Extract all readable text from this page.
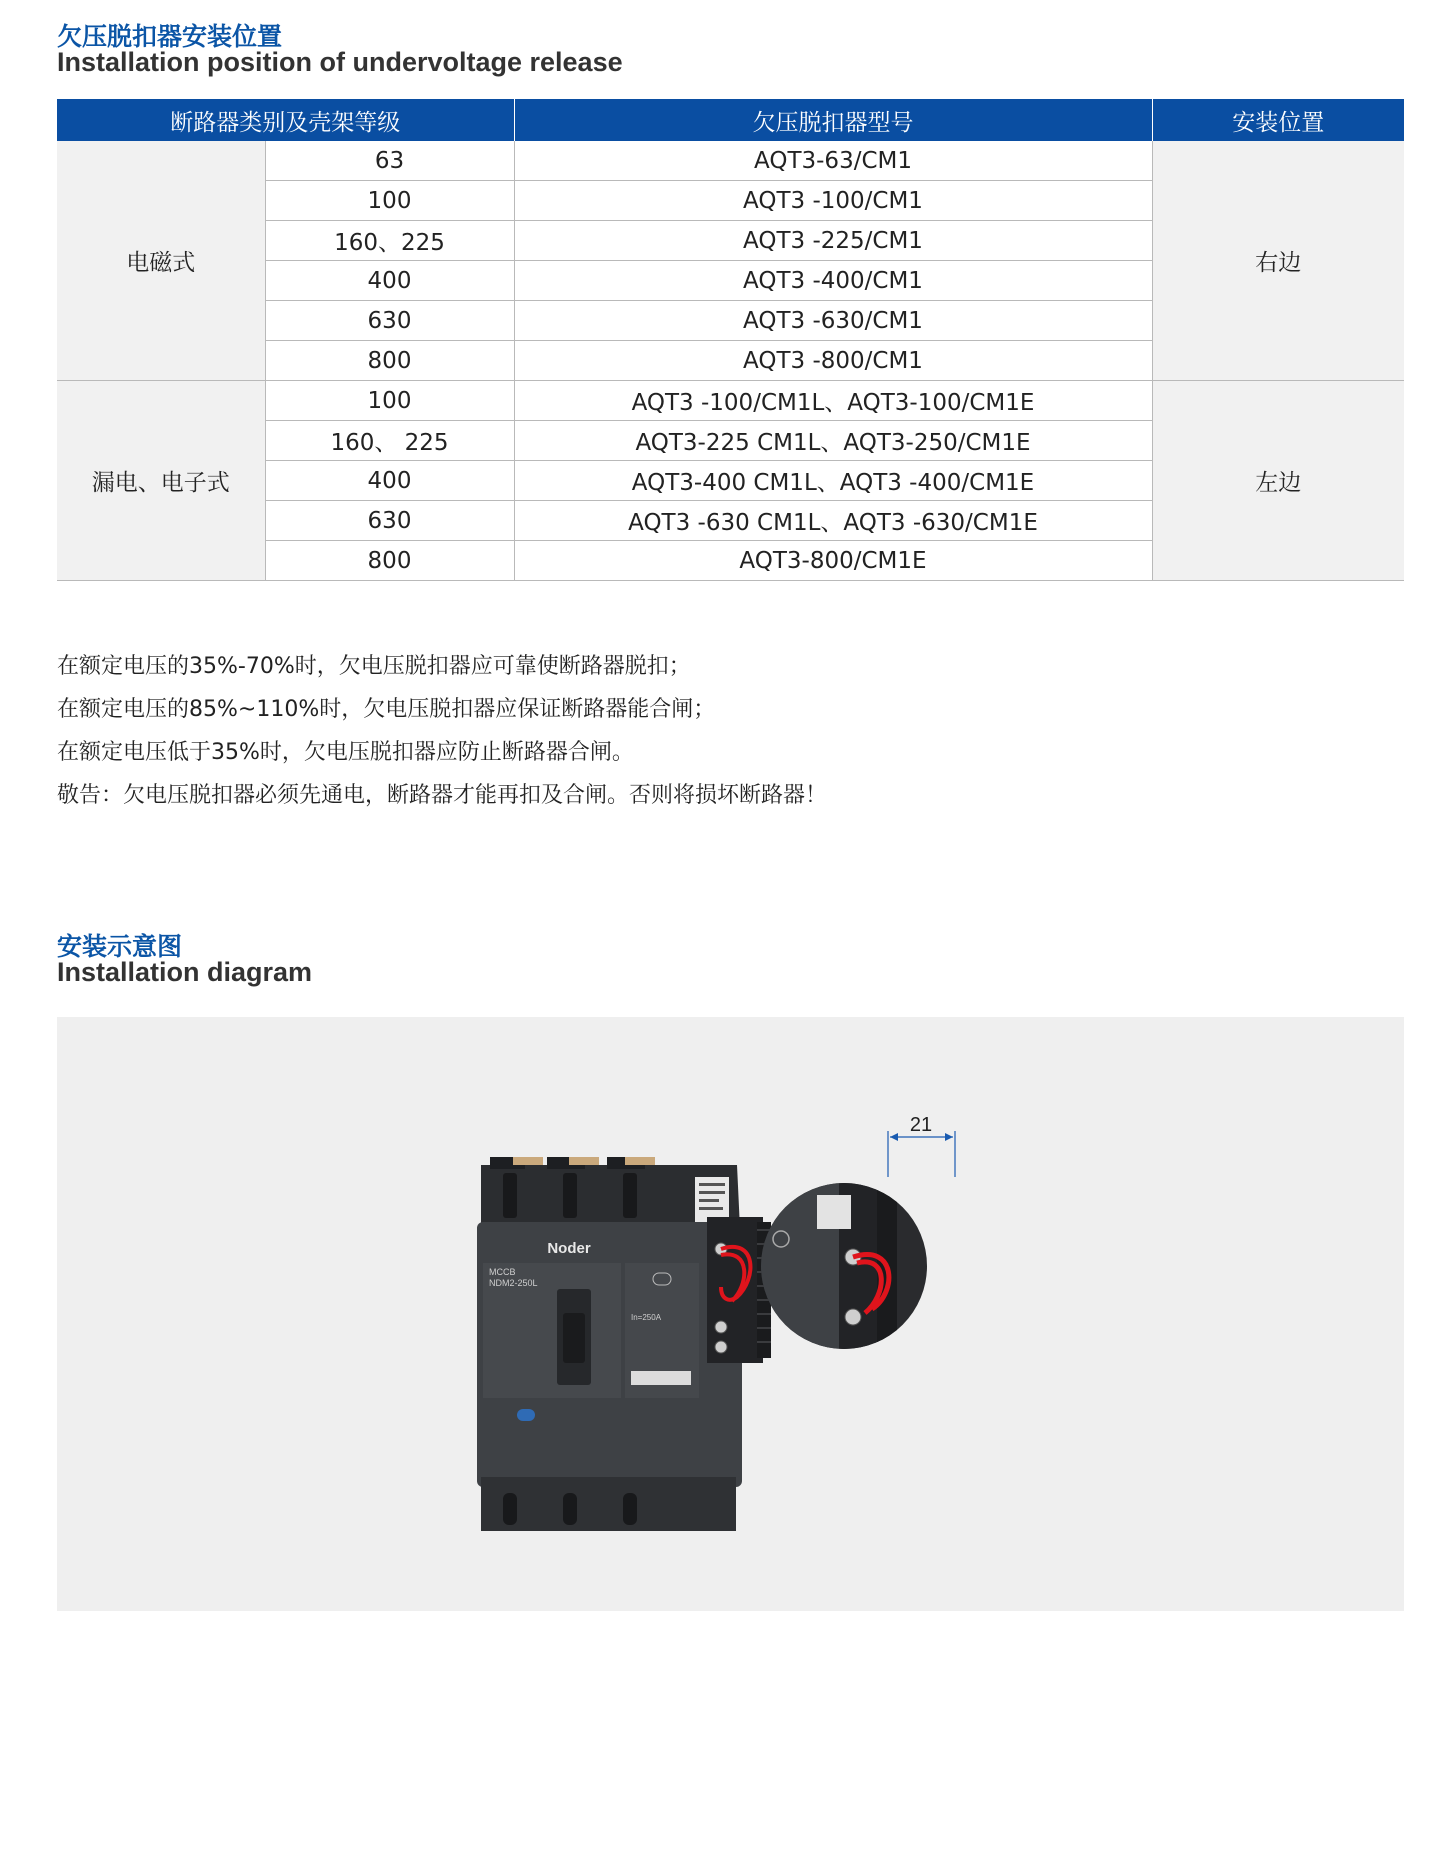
欠压脱扣器安装位置
Installation position of undervoltage release
断路器类别及壳架等级		欠压脱扣器型号	安装位置
电磁式	63	AQT3-63/CM1	右边
	100	AQT3 -100/CM1	
	160、225	AQT3 -225/CM1	
	400	AQT3 -400/CM1	
	630	AQT3 -630/CM1	
	800	AQT3 -800/CM1	
漏电、电子式	100	AQT3 -100/CM1L、AQT3-100/CM1E	左边
	160、 225	AQT3-225 CM1L、AQT3-250/CM1E	
	400	AQT3-400 CM1L、AQT3 -400/CM1E	
	630	AQT3 -630 CM1L、AQT3 -630/CM1E	
	800	AQT3-800/CM1E	
在额定电压的35%-70%时，欠电压脱扣器应可靠使断路器脱扣；
在额定电压的85%~110%时，欠电压脱扣器应保证断路器能合闸；
在额定电压低于35%时，欠电压脱扣器应防止断路器合闸。
敬告：欠电压脱扣器必须先通电，断路器才能再扣及合闸。否则将损坏断路器！
安装示意图
Installation diagram
Noder
MCCB
NDM2-250L
In=250A
21
